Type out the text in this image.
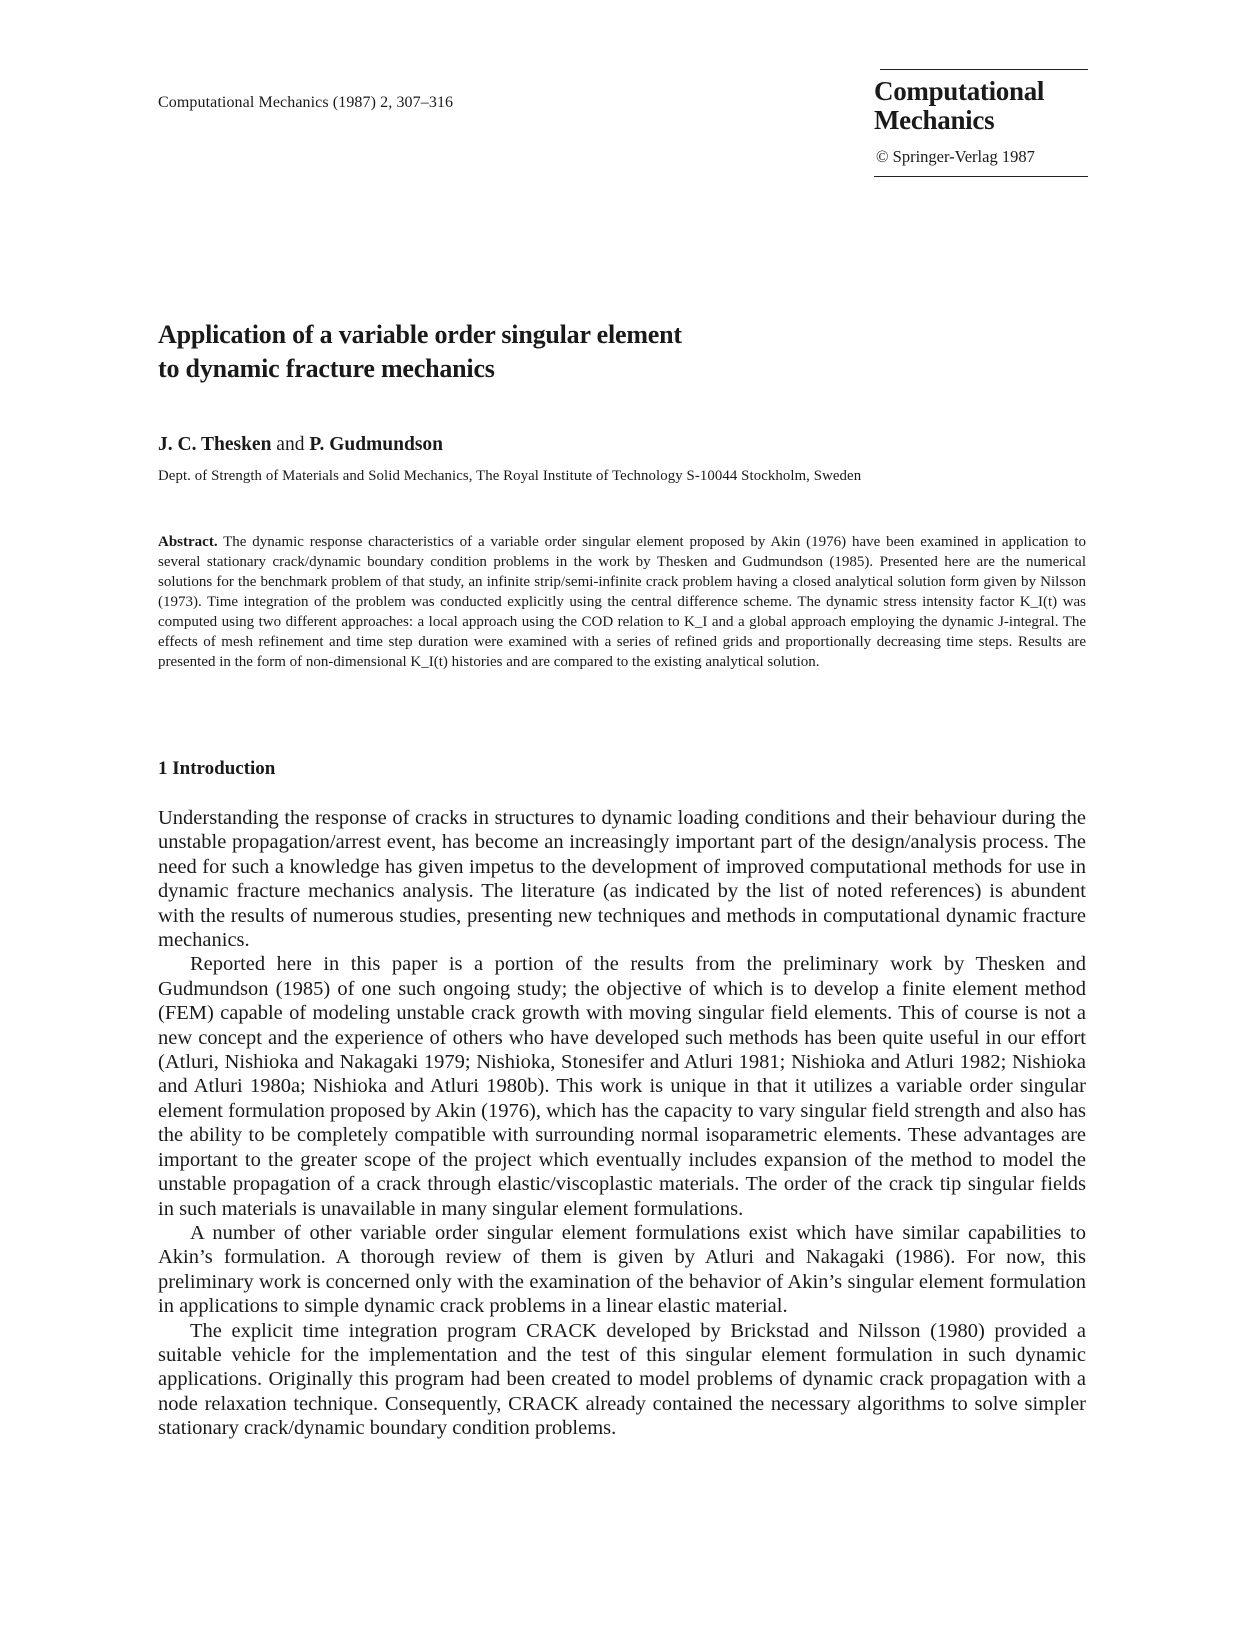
Computational Mechanics (1987) 2, 307–316	Computational
Mechanics
© Springer-Verlag 1987
Application of a variable order singular element
to dynamic fracture mechanics
J. C. Thesken and P. Gudmundson
Dept. of Strength of Materials and Solid Mechanics, The Royal Institute of Technology S-10044 Stockholm, Sweden
Abstract. The dynamic response characteristics of a variable order singular element proposed by Akin (1976) have been examined in application to several stationary crack/dynamic boundary condition problems in the work by Thesken and Gudmundson (1985). Presented here are the numerical solutions for the benchmark problem of that study, an infinite strip/semi-infinite crack problem having a closed analytical solution form given by Nilsson (1973). Time integration of the problem was conducted explicitly using the central difference scheme. The dynamic stress intensity factor K_I(t) was computed using two different approaches: a local approach using the COD relation to K_I and a global approach employing the dynamic J-integral. The effects of mesh refinement and time step duration were examined with a series of refined grids and proportionally decreasing time steps. Results are presented in the form of non-dimensional K_I(t) histories and are compared to the existing analytical solution.
1 Introduction

Understanding the response of cracks in structures to dynamic loading conditions and their behaviour during the unstable propagation/arrest event, has become an increasingly important part of the design/analysis process. The need for such a knowledge has given impetus to the development of improved computational methods for use in dynamic fracture mechanics analysis. The literature (as indicated by the list of noted references) is abundent with the results of numerous studies, presenting new techniques and methods in computational dynamic fracture mechanics.

Reported here in this paper is a portion of the results from the preliminary work by Thesken and Gudmundson (1985) of one such ongoing study; the objective of which is to develop a finite element method (FEM) capable of modeling unstable crack growth with moving singular field elements. This of course is not a new concept and the experience of others who have developed such methods has been quite useful in our effort (Atluri, Nishioka and Nakagaki 1979; Nishioka, Stonesifer and Atluri 1981; Nishioka and Atluri 1982; Nishioka and Atluri 1980a; Nishioka and Atluri 1980b). This work is unique in that it utilizes a variable order singular element formulation proposed by Akin (1976), which has the capacity to vary singular field strength and also has the ability to be completely compatible with surrounding normal isoparametric elements. These advantages are important to the greater scope of the project which eventually includes expansion of the method to model the unstable propagation of a crack through elastic/viscoplastic materials. The order of the crack tip singular fields in such materials is unavailable in many singular element formulations.

A number of other variable order singular element formulations exist which have similar capabilities to Akin’s formulation. A thorough review of them is given by Atluri and Nakagaki (1986). For now, this preliminary work is concerned only with the examination of the behavior of Akin’s singular element formulation in applications to simple dynamic crack problems in a linear elastic material.

The explicit time integration program CRACK developed by Brickstad and Nilsson (1980) provided a suitable vehicle for the implementation and the test of this singular element formulation in such dynamic applications. Originally this program had been created to model problems of dynamic crack propagation with a node relaxation technique. Consequently, CRACK already contained the necessary algorithms to solve simpler stationary crack/dynamic boundary condition problems.
